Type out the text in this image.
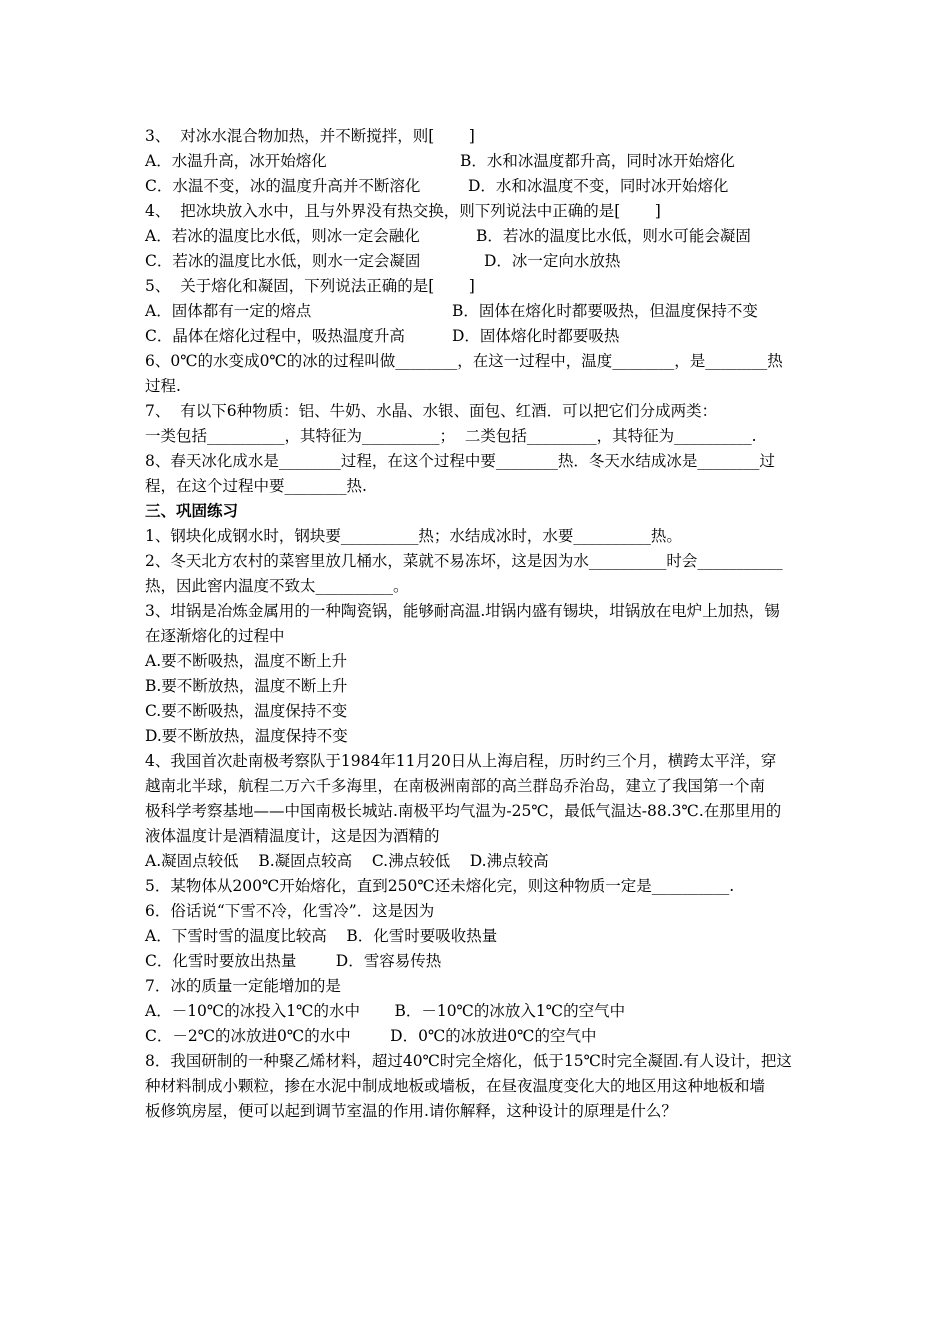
3、  对冰水混合物加热，并不断搅拌，则[       ]
A．水温升高，冰开始熔化	B．水和冰温度都升高，同时冰开始熔化
C．水温不变，冰的温度升高并不断溶化	D．水和冰温度不变，同时冰开始熔化
4、  把冰块放入水中，且与外界没有热交换，则下列说法中正确的是[       ]
A．若冰的温度比水低，则冰一定会融化	B．若冰的温度比水低，则水可能会凝固
C．若冰的温度比水低，则水一定会凝固	D．冰一定向水放热
5、  关于熔化和凝固，下列说法正确的是[       ]
A．固体都有一定的熔点	B．固体在熔化时都要吸热，但温度保持不变
C．晶体在熔化过程中，吸热温度升高	D．固体熔化时都要吸热
6、0℃的水变成0℃的冰的过程叫做________，在这一过程中，温度________，是________热
过程.
7、  有以下6种物质：铝、牛奶、水晶、水银、面包、红酒．可以把它们分成两类：
一类包括__________，其特征为__________；  二类包括_________，其特征为__________.
8、春天冰化成水是________过程，在这个过程中要________热．冬天水结成冰是________过
程，在这个过程中要________热.
三、巩固练习
1、钢块化成钢水时，钢块要__________热；水结成冰时，水要__________热。
2、冬天北方农村的菜窖里放几桶水，菜就不易冻坏，这是因为水__________时会___________
热，因此窖内温度不致太__________。
3、坩锅是冶炼金属用的一种陶瓷锅，能够耐高温.坩锅内盛有锡块，坩锅放在电炉上加热，锡
在逐渐熔化的过程中
A.要不断吸热，温度不断上升
B.要不断放热，温度不断上升
C.要不断吸热，温度保持不变
D.要不断放热，温度保持不变
4、我国首次赴南极考察队于1984年11月20日从上海启程，历时约三个月，横跨太平洋，穿
越南北半球，航程二万六千多海里，在南极洲南部的高兰群岛乔治岛，建立了我国第一个南
极科学考察基地——中国南极长城站.南极平均气温为-25℃，最低气温达-88.3℃.在那里用的
液体温度计是酒精温度计，这是因为酒精的
A.凝固点较低    B.凝固点较高    C.沸点较低    D.沸点较高
5．某物体从200℃开始熔化，直到250℃还未熔化完，则这种物质一定是__________.
6．俗话说“下雪不冷，化雪冷”．这是因为
A．下雪时雪的温度比较高    B．化雪时要吸收热量
C．化雪时要放出热量        D．雪容易传热
7．冰的质量一定能增加的是
A．－10℃的冰投入1℃的水中       B．－10℃的冰放入1℃的空气中
C．－2℃的冰放进0℃的水中        D．0℃的冰放进0℃的空气中
8．我国研制的一种聚乙烯材料，超过40℃时完全熔化，低于15℃时完全凝固.有人设计，把这
种材料制成小颗粒，掺在水泥中制成地板或墙板，在昼夜温度变化大的地区用这种地板和墙
板修筑房屋，便可以起到调节室温的作用.请你解释，这种设计的原理是什么？
